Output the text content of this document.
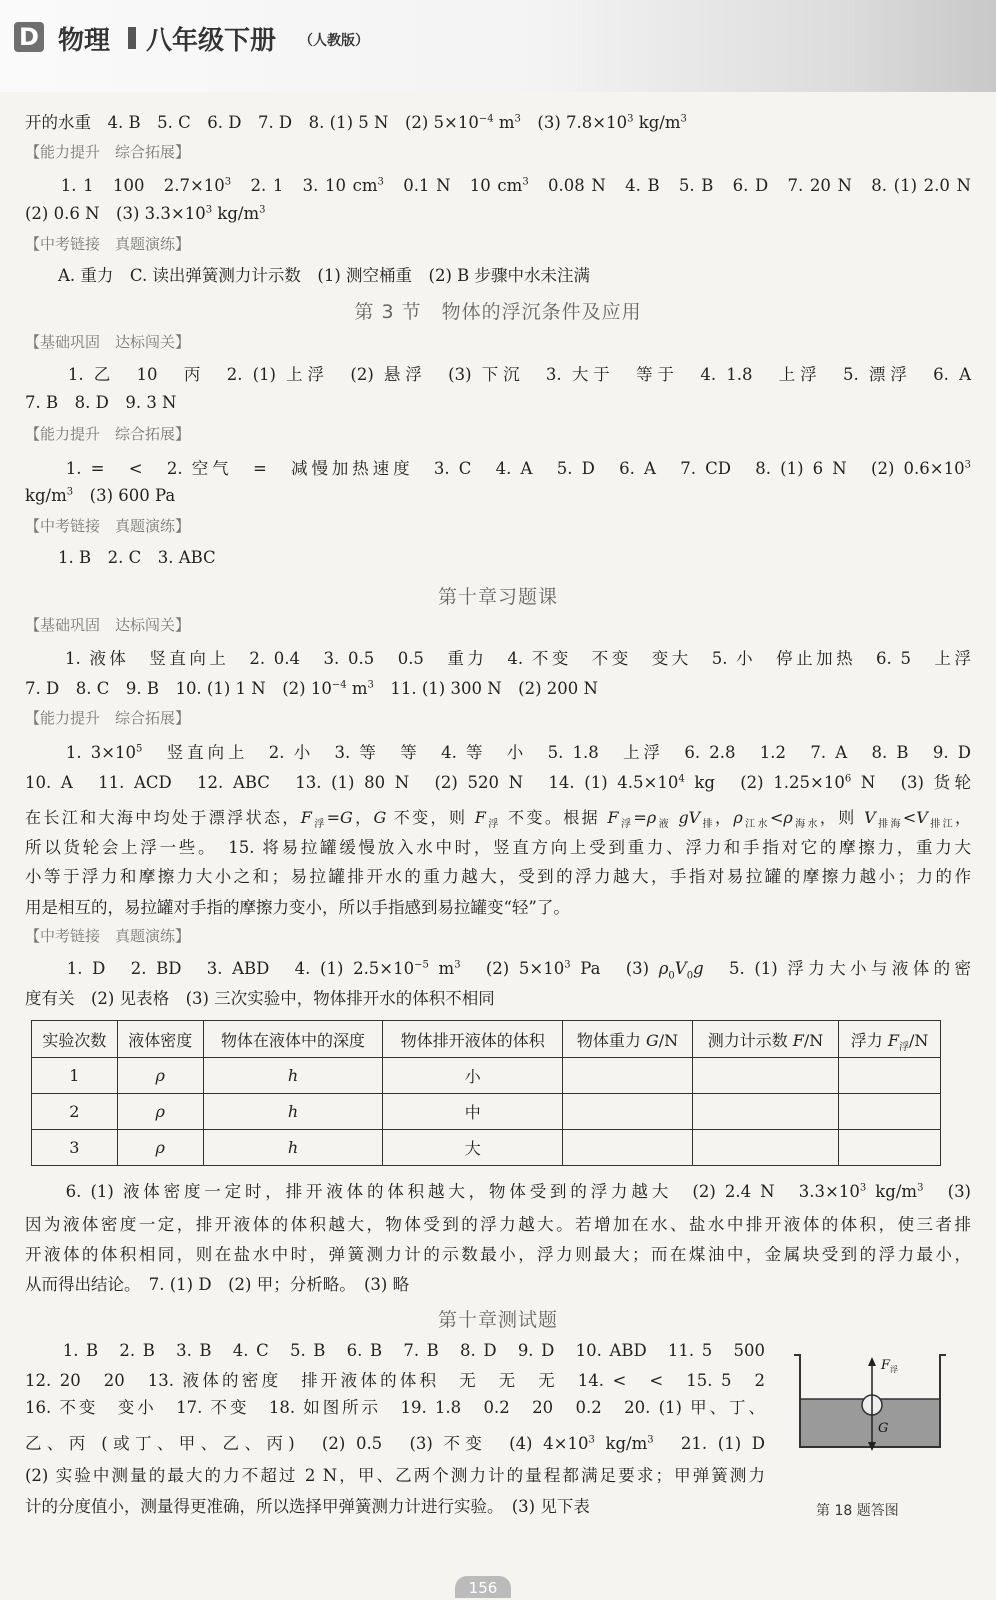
D 物理 八年级下册 （人教版）
开的水重　4. B　5. C　6. D　7. D　8. (1) 5 N　(2) $5\times 10^{-4}$ $m^3$　(3) $7.8\times 10^3$ $kg/m^3$
【能力提升　综合拓展】
　　1. 1　100　$2.7\times 10^3$　2. 1　3. 10 $cm^3$　0.1 N　10 $cm^3$　0.08 N　4. B　5. B　6. D　7. 20 N　8. (1) 2.0 N
(2) 0.6 N　(3) $3.3\times 10^3$ $kg/m^3$
【中考链接　真题演练】
　　A. 重力　C. 读出弹簧测力计示数　(1) 测空桶重　(2) B 步骤中水未注满
第 3 节　物体的浮沉条件及应用
【基础巩固　达标闯关】
　　1. 乙　10　丙　2. (1) 上浮　(2) 悬浮　(3) 下沉　3. 大于　等于　4. 1.8　上浮　5. 漂浮　6. A
7. B　8. D　9. 3 N
【能力提升　综合拓展】
　　1. =　<　2. 空气　=　减慢加热速度　3. C　4. A　5. D　6. A　7. CD　8. (1) 6 N　(2) $0.6\times 10^3$
$kg/m^3$　(3) 600 Pa
【中考链接　真题演练】
　　1. B　2. C　3. ABC
第十章习题课
【基础巩固　达标闯关】
　　1. 液体　竖直向上　2. 0.4　3. 0.5　0.5　重力　4. 不变　不变　变大　5. 小　停止加热　6. 5　上浮
7. D　8. C　9. B　10. (1) 1 N　(2) $10^{-4}$ $m^3$　11. (1) 300 N　(2) 200 N
【能力提升　综合拓展】
　　1. $3\times 10^5$　竖直向上　2. 小　3. 等　等　4. 等　小　5. 1.8　上浮　6. 2.8　1.2　7. A　8. B　9. D
10. A　11. ACD　12. ABC　13. (1) 80 N　(2) 520 N　14. (1) $4.5\times 10^4$ kg　(2) $1.25\times 10^6$ N　(3) 货轮
在长江和大海中均处于漂浮状态，$F_浮=G$，G 不变，则 $F_浮$ 不变。根据 $F_浮=\rho_液$ $gV_排$，$\rho_{江水}<\rho_{海水}$，则 $V_{排海}<V_{排江}$，
所以货轮会上浮一些。　15. 将易拉罐缓慢放入水中时，竖直方向上受到重力、浮力和手指对它的摩擦力，重力大
小等于浮力和摩擦力大小之和；易拉罐排开水的重力越大，受到的浮力越大，手指对易拉罐的摩擦力越小；力的作
用是相互的，易拉罐对手指的摩擦力变小，所以手指感到易拉罐变“轻”了。
【中考链接　真题演练】
　　1. D　2. BD　3. ABD　4. (1) $2.5\times 10^{-5}$ $m^3$　(2) $5\times 10^3$ Pa　(3) $\rho_0V_0g$　5. (1) 浮力大小与液体的密
度有关　(2) 见表格　(3) 三次实验中，物体排开水的体积不相同
　　6. (1) 液体密度一定时，排开液体的体积越大，物体受到的浮力越大　(2) 2.4 N　$3.3\times 10^3$ $kg/m^3$　(3)
因为液体密度一定，排开液体的体积越大，物体受到的浮力越大。若增加在水、盐水中排开液体的体积，使三者排
开液体的体积相同，则在盐水中时，弹簧测力计的示数最小，浮力则最大；而在煤油中，金属块受到的浮力最小，
从而得出结论。　7. (1) D　(2) 甲；分析略。　(3) 略
第十章测试题
　　1. B　2. B　3. B　4. C　5. B　6. B　7. B　8. D　9. D　10. ABD　11. 5　500
12. 20　20　13. 液体的密度　排开液体的体积　无　无　无　14. <　<　15. 5　2
16. 不变　变小　17. 不变　18. 如图所示　19. 1.8　0.2　20　0.2　20. (1) 甲、丁、
乙、丙 (或丁、甲、乙、丙)　(2) 0.5　(3) 不变　(4) $4\times 10^3$ $kg/m^3$　21. (1) D
(2) 实验中测量的最大的力不超过 2 N，甲、乙两个测力计的量程都满足要求；甲弹簧测力
计的分度值小，测量得更准确，所以选择甲弹簧测力计进行实验。　(3) 见下表
实验次数	液体密度	物体在液体中的深度	物体排开液体的体积	物体重力 G/N	测力计示数 F/N	浮力 $F_浮/N$
1	ρ	h	小			
2	ρ	h	中			
3	ρ	h	大			
$F_浮$
G
第 18 题答图
156
